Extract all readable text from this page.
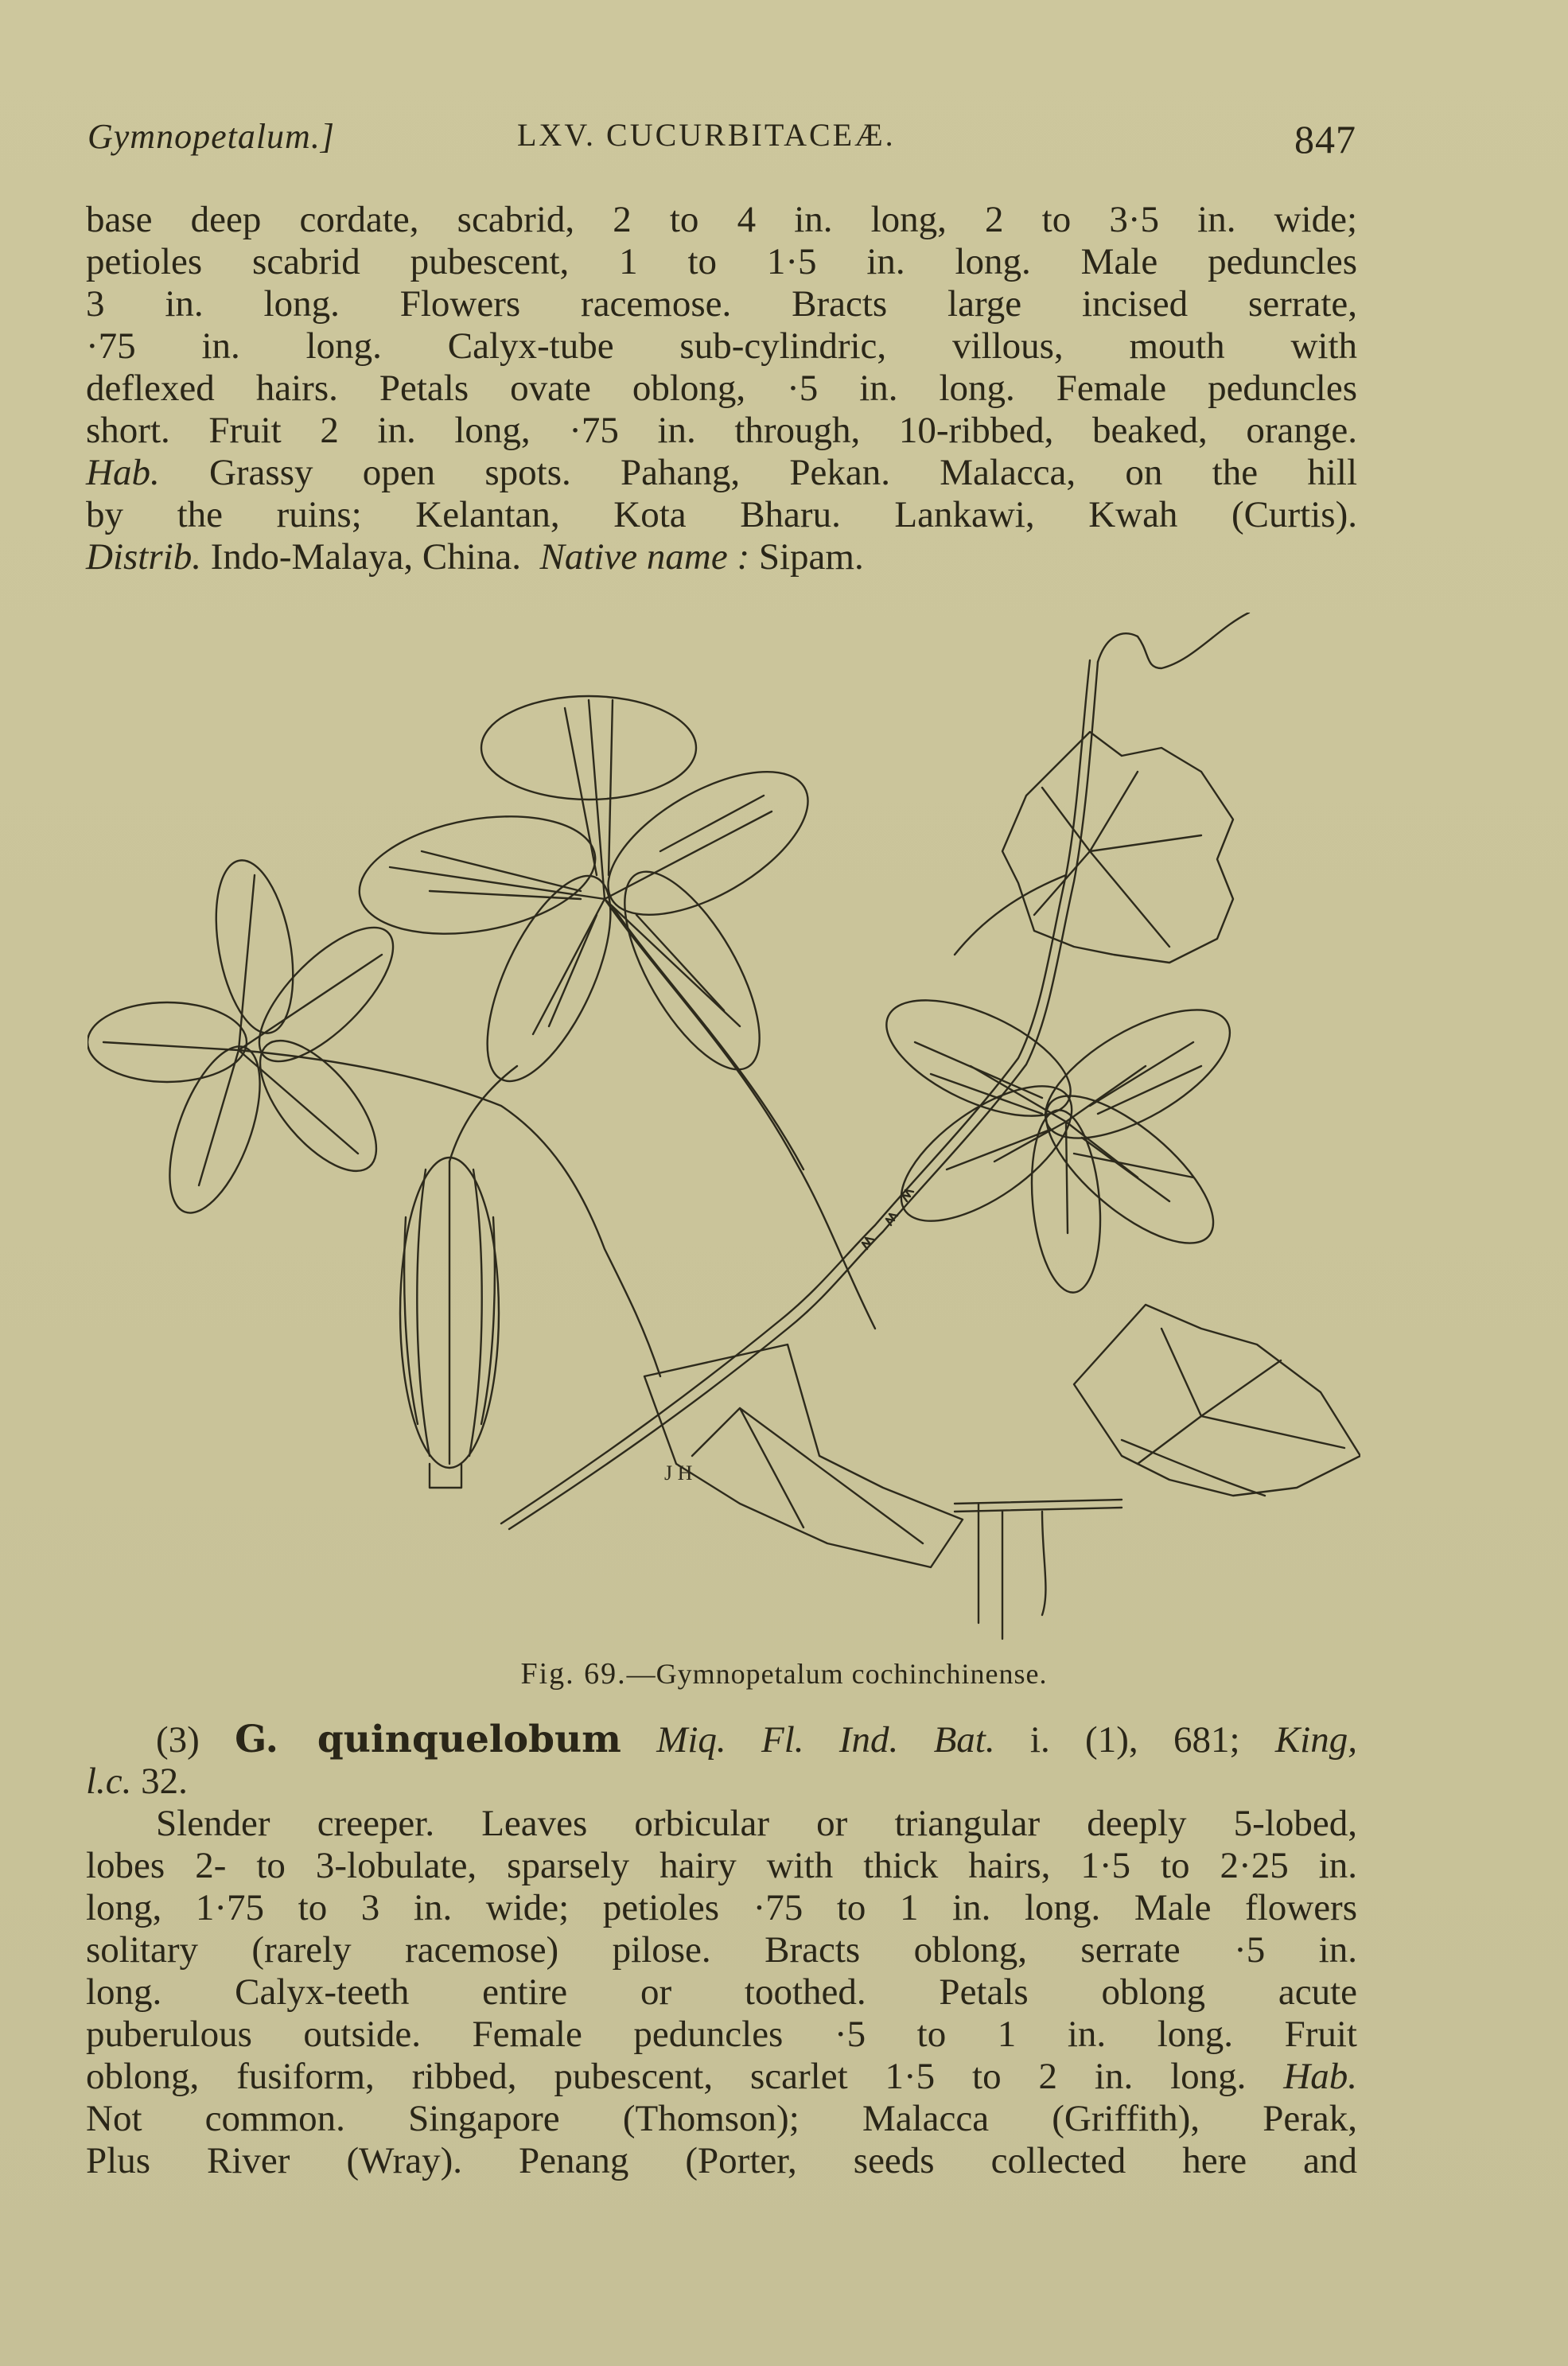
Gymnopetalum.]	LXV. CUCURBITACEÆ.	847
base deep cordate, scabrid, 2 to 4 in. long, 2 to 3·5 in. wide;
petioles scabrid pubescent, 1 to 1·5 in. long. Male peduncles
3 in. long. Flowers racemose. Bracts large incised serrate,
·75 in. long. Calyx-tube sub-cylindric, villous, mouth with
deflexed hairs. Petals ovate oblong, ·5 in. long. Female peduncles
short. Fruit 2 in. long, ·75 in. through, 10-ribbed, beaked, orange.
Hab. Grassy open spots. Pahang, Pekan. Malacca, on the hill
by the ruins; Kelantan, Kota Bharu. Lankawi, Kwah (Curtis).
Distrib. Indo-Malaya, China. Native name : Sipam.
J H
Fig. 69.—Gymnopetalum cochinchinense.
(3) G. quinquelobum Miq. Fl. Ind. Bat. i. (1), 681; King,
l.c. 32.
Slender creeper. Leaves orbicular or triangular deeply 5-lobed,
lobes 2- to 3-lobulate, sparsely hairy with thick hairs, 1·5 to 2·25 in.
long, 1·75 to 3 in. wide; petioles ·75 to 1 in. long. Male flowers
solitary (rarely racemose) pilose. Bracts oblong, serrate ·5 in.
long. Calyx-teeth entire or toothed. Petals oblong acute
puberulous outside. Female peduncles ·5 to 1 in. long. Fruit
oblong, fusiform, ribbed, pubescent, scarlet 1·5 to 2 in. long. Hab.
Not common. Singapore (Thomson); Malacca (Griffith), Perak,
Plus River (Wray). Penang (Porter, seeds collected here and
